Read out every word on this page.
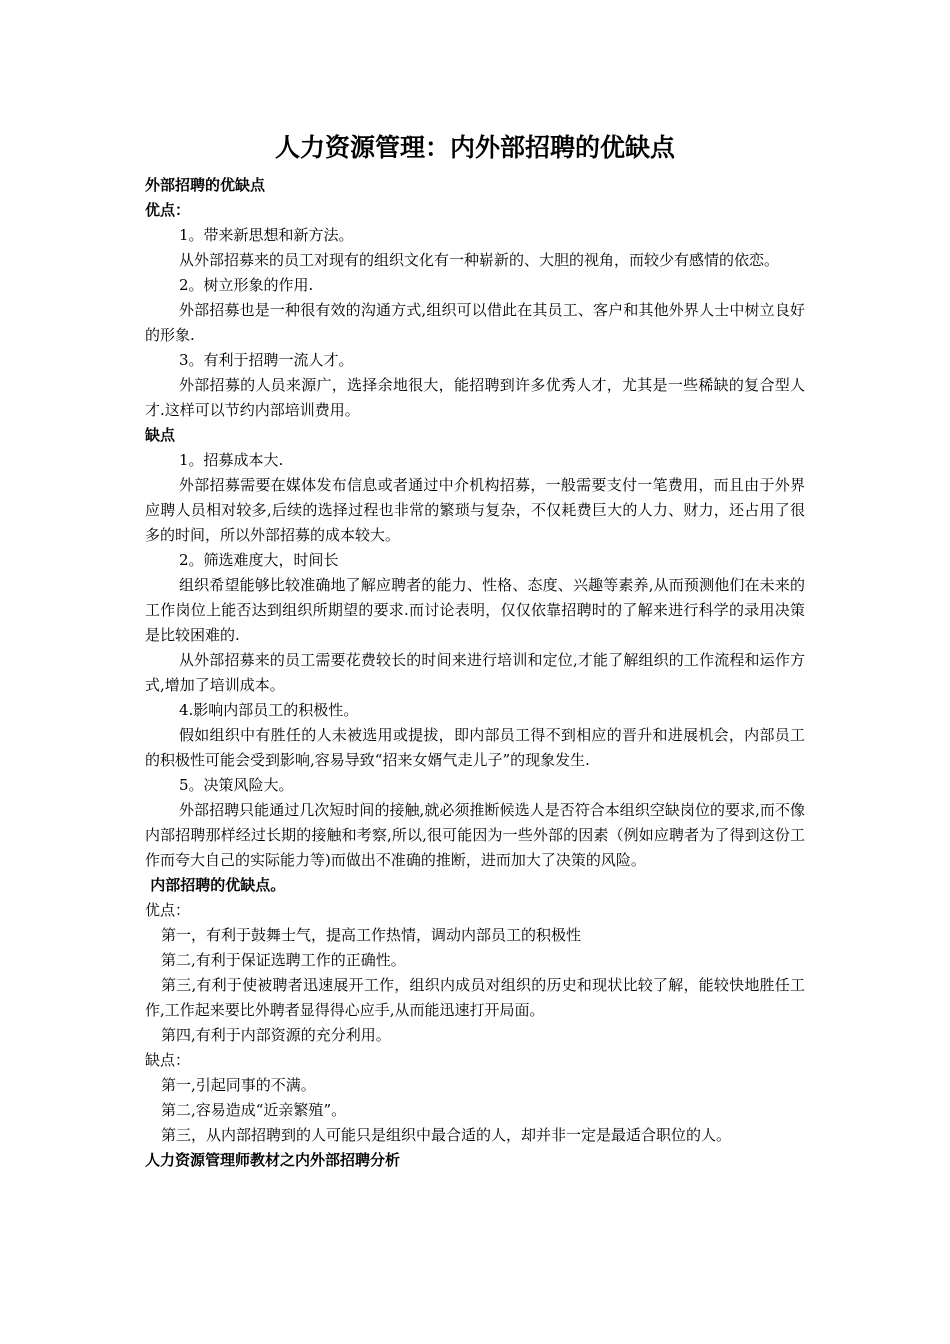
人力资源管理：内外部招聘的优缺点

外部招聘的优缺点

优点：

1。带来新思想和新方法。

从外部招募来的员工对现有的组织文化有一种崭新的、大胆的视角，而较少有感情的依恋。

2。树立形象的作用.

外部招募也是一种很有效的沟通方式,组织可以借此在其员工、客户和其他外界人士中树立良好的形象.

3。有利于招聘一流人才。

外部招募的人员来源广，选择余地很大，能招聘到许多优秀人才，尤其是一些稀缺的复合型人才.这样可以节约内部培训费用。

缺点

1。招募成本大.

外部招募需要在媒体发布信息或者通过中介机构招募，一般需要支付一笔费用，而且由于外界应聘人员相对较多,后续的选择过程也非常的繁琐与复杂，不仅耗费巨大的人力、财力，还占用了很多的时间，所以外部招募的成本较大。

2。筛选难度大，时间长

组织希望能够比较准确地了解应聘者的能力、性格、态度、兴趣等素养,从而预测他们在未来的工作岗位上能否达到组织所期望的要求.而讨论表明，仅仅依靠招聘时的了解来进行科学的录用决策是比较困难的.

从外部招募来的员工需要花费较长的时间来进行培训和定位,才能了解组织的工作流程和运作方式,增加了培训成本。

4.影响内部员工的积极性。

假如组织中有胜任的人未被选用或提拔，即内部员工得不到相应的晋升和进展机会，内部员工的积极性可能会受到影响,容易导致“招来女婿气走儿子”的现象发生.

5。决策风险大。

外部招聘只能通过几次短时间的接触,就必须推断候选人是否符合本组织空缺岗位的要求,而不像内部招聘那样经过长期的接触和考察,所以,很可能因为一些外部的因素（例如应聘者为了得到这份工作而夸大自己的实际能力等)而做出不准确的推断，进而加大了决策的风险。

内部招聘的优缺点。

优点：

第一，有利于鼓舞士气，提高工作热情，调动内部员工的积极性

第二,有利于保证选聘工作的正确性。

第三,有利于使被聘者迅速展开工作，组织内成员对组织的历史和现状比较了解，能较快地胜任工作,工作起来要比外聘者显得得心应手,从而能迅速打开局面。

第四,有利于内部资源的充分利用。

缺点：

第一,引起同事的不满。

第二,容易造成“近亲繁殖”。

第三，从内部招聘到的人可能只是组织中最合适的人，却并非一定是最适合职位的人。

人力资源管理师教材之内外部招聘分析
